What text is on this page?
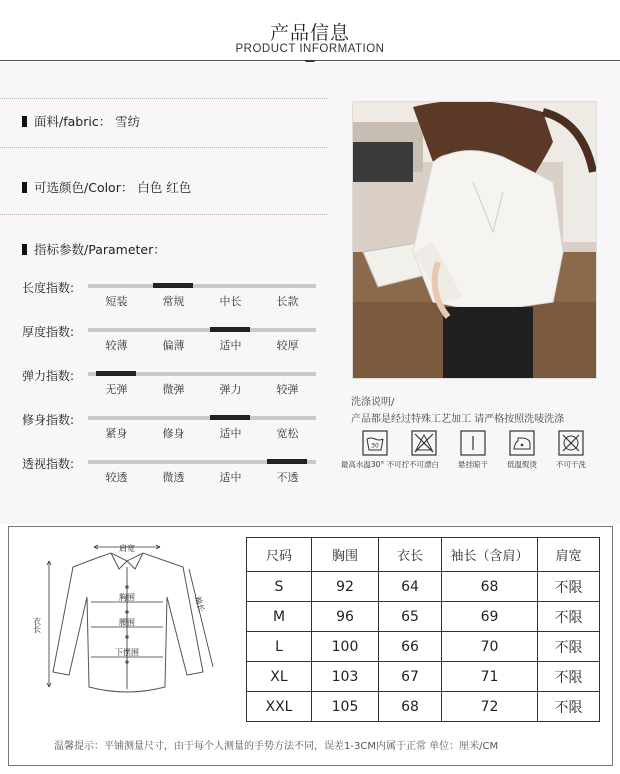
产品信息
PRODUCT INFORMATION
面料/fabric： 雪纺
可选颜色/Color： 白色 红色
指标参数/Parameter：
长度指数:
短装	常规	中长	长款
厚度指数:
较薄	偏薄	适中	较厚
弹力指数:
无弹	微弹	弹力	较弹
修身指数:
紧身	修身	适中	宽松
透视指数:
较透	微透	适中	不透
洗涤说明/
产品都是经过特殊工艺加工 请严格按照洗唛洗涤
30
最高水温30° 不可拧 不可漂白	悬挂晾干	低温熨烫	不可干洗
肩宽
胸围
腰围
下摆围
衣长
袖长
尺码	胸围	衣长	袖长（含肩）	肩宽
S	92	64	68	不限
M	96	65	69	不限
L	100	66	70	不限
XL	103	67	71	不限
XXL	105	68	72	不限
温馨提示：平铺测量尺寸，由于每个人测量的手势方法不同，误差1-3CM内属于正常 单位：厘米/CM
